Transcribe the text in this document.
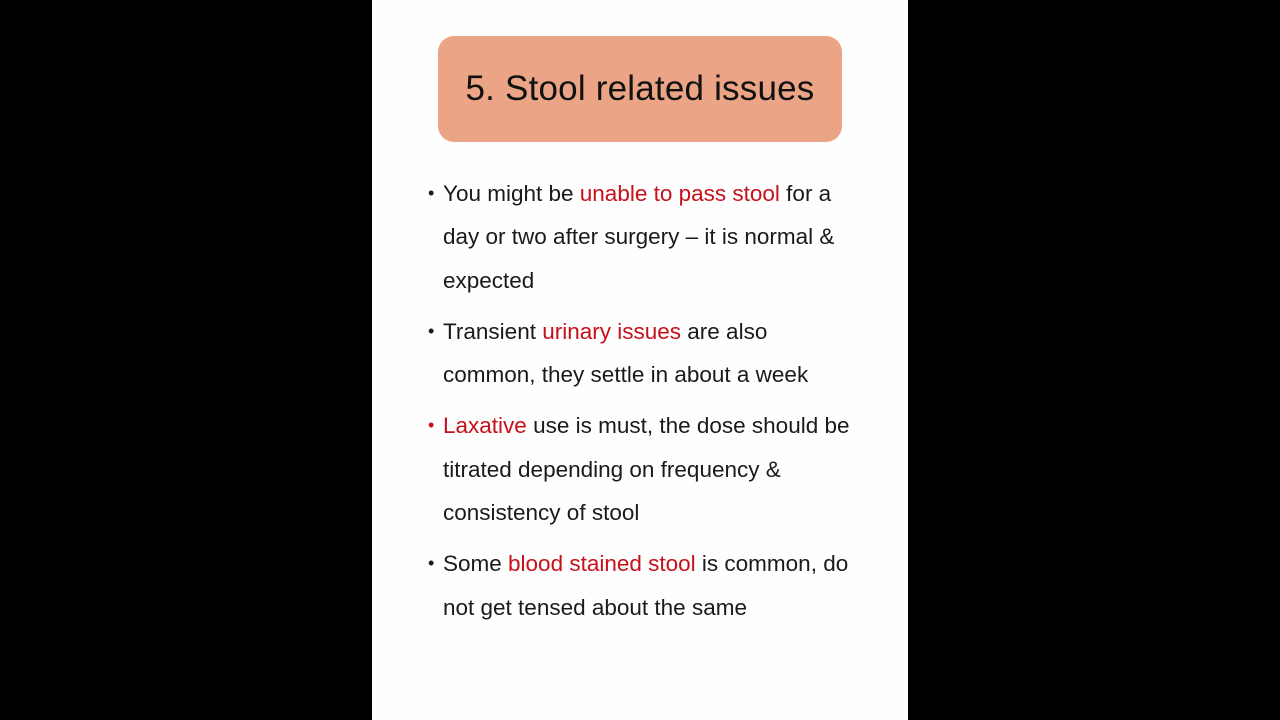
5. Stool related issues
• You might be unable to pass stool for a day or two after surgery – it is normal & expected
• Transient urinary issues are also common, they settle in about a week
• Laxative use is must, the dose should be titrated depending on frequency & consistency of stool
• Some blood stained stool is common, do not get tensed about the same
